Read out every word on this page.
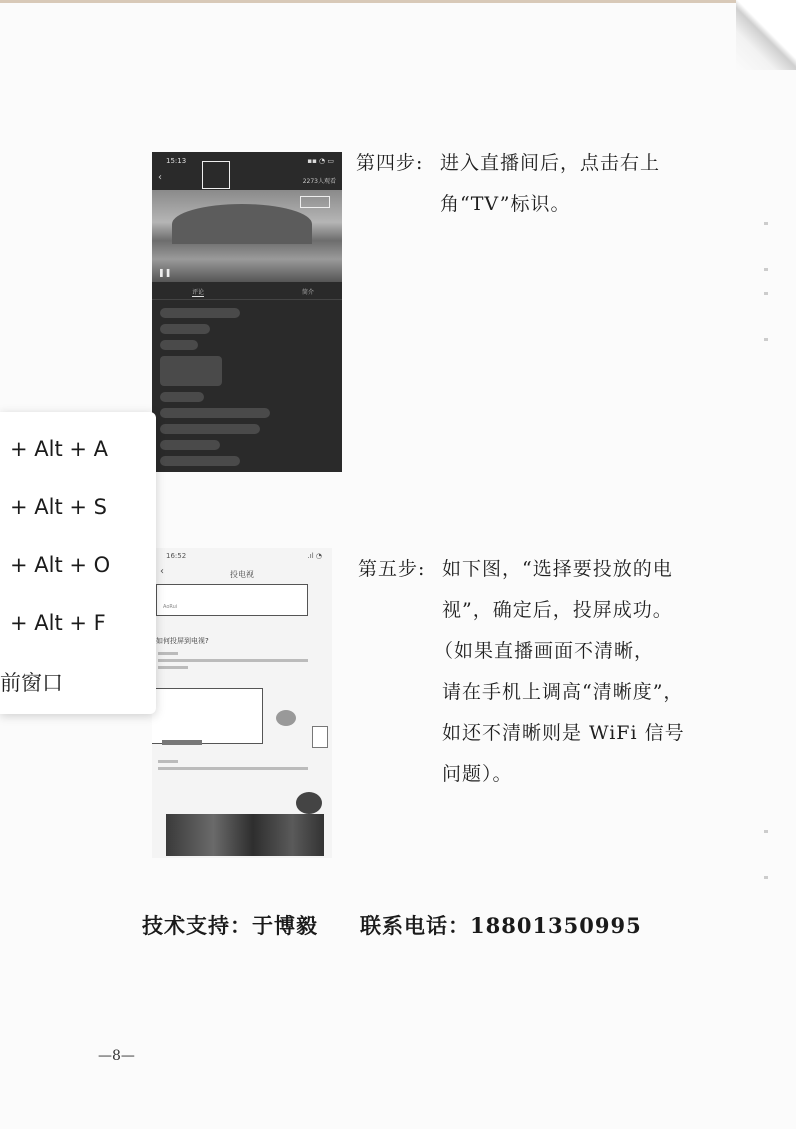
15:13	▪▪ ◔ ▭
‹	2273人观看
❚❚
评论	简介
第四步: 进入直播间后，点击右上
角“TV”标识。
16:52	.ıl ◔
‹	投电视
AoRui
如何投屏到电视?
第五步: 如下图，“选择要投放的电
视”，确定后，投屏成功。
（如果直播画面不清晰，
请在手机上调高“清晰度”，
如还不清晰则是 WiFi 信号
问题）。
技术支持：于博毅 联系电话：18801350995
—8—
+ Alt + A
+ Alt + S
+ Alt + O
+ Alt + F
前窗口
